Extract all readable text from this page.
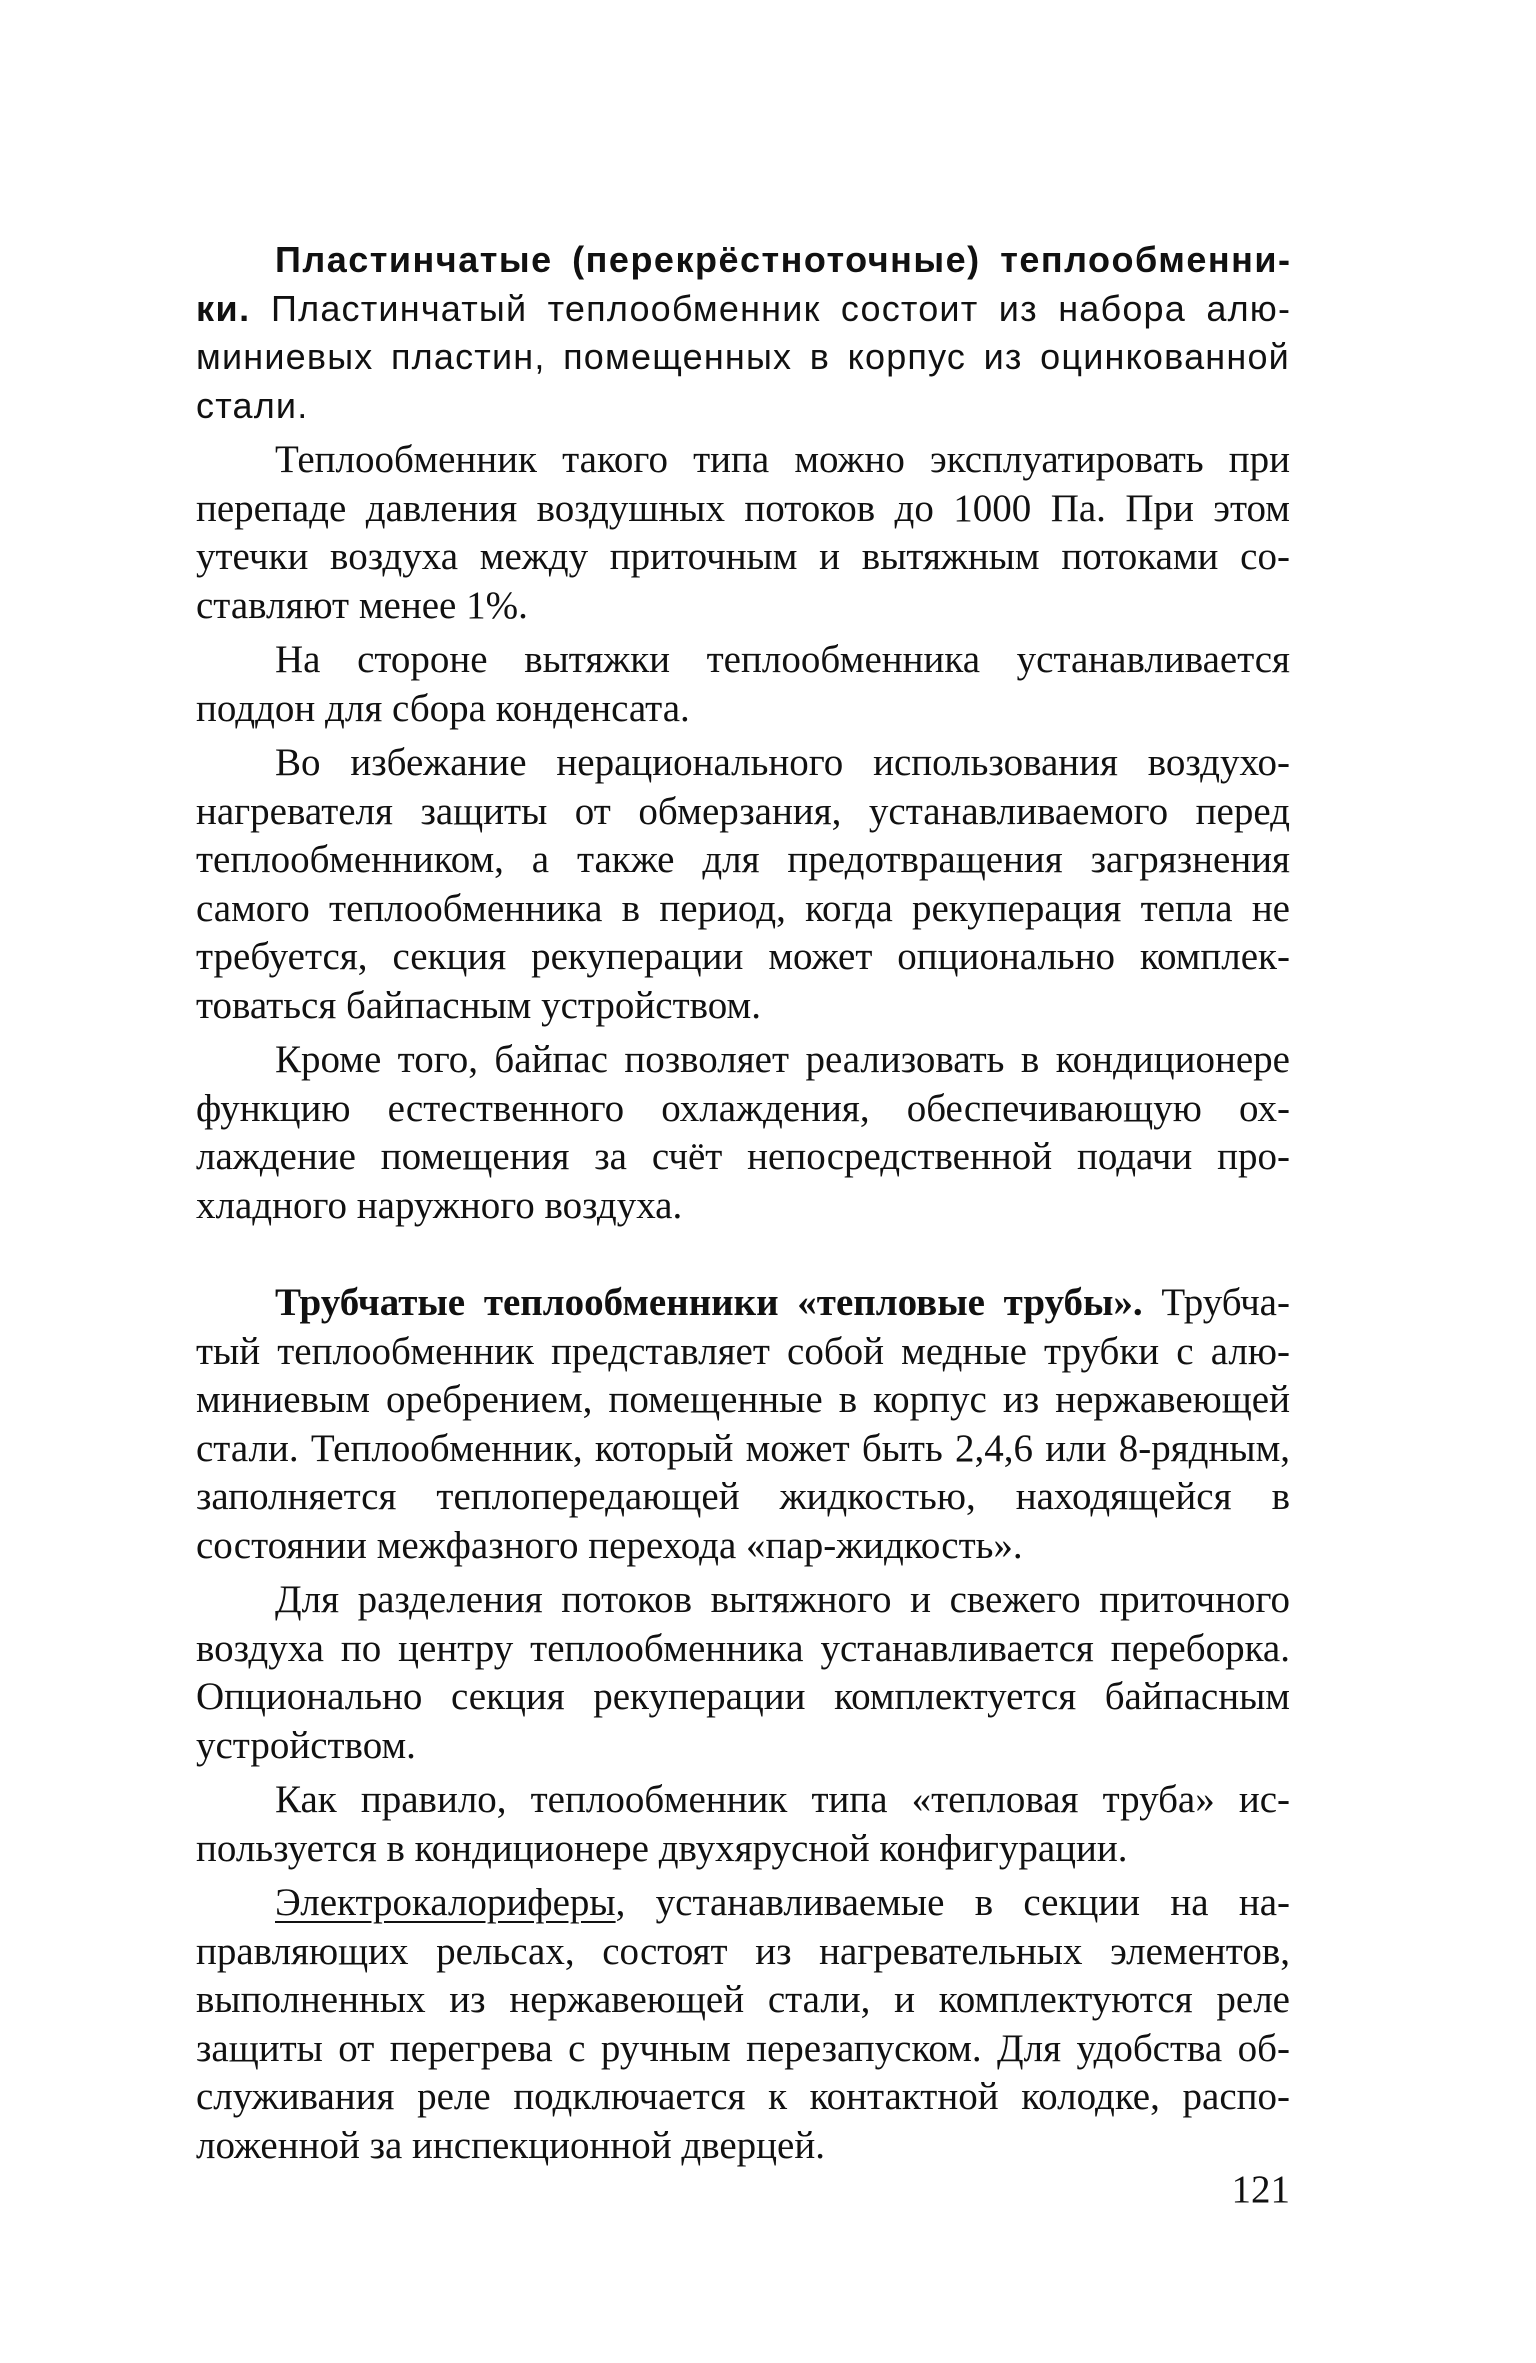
Пластинчатые (перекрёстноточные) теплообменники. Пластинчатый теплообменник состоит из набора алюминиевых пластин, помещенных в корпус из оцинкованной стали.

Теплообменник такого типа можно эксплуатировать при перепаде давления воздушных потоков до 1000 Па. При этом утечки воздуха между приточным и вытяжным потоками составляют менее 1%.

На стороне вытяжки теплообменника устанавливается поддон для сбора конденсата.

Во избежание нерационального использования воздухонагревателя защиты от обмерзания, устанавливаемого перед теплообменником, а также для предотвращения загрязнения самого теплообменника в период, когда рекуперация тепла не требуется, секция рекуперации может опционально комплектоваться байпасным устройством.

Кроме того, байпас позволяет реализовать в кондиционере функцию естественного охлаждения, обеспечивающую охлаждение помещения за счёт непосредственной подачи прохладного наружного воздуха.

Трубчатые теплообменники «тепловые трубы». Трубчатый теплообменник представляет собой медные трубки с алюминиевым оребрением, помещенные в корпус из нержавеющей стали. Теплообменник, который может быть 2,4,6 или 8-рядным, заполняется теплопередающей жидкостью, находящейся в состоянии межфазного перехода «пар-жидкость».

Для разделения потоков вытяжного и свежего приточного воздуха по центру теплообменника устанавливается переборка. Опционально секция рекуперации комплектуется байпасным устройством.

Как правило, теплообменник типа «тепловая труба» используется в кондиционере двухярусной конфигурации.

Электрокалориферы, устанавливаемые в секции на направляющих рельсах, состоят из нагревательных элементов, выполненных из нержавеющей стали, и комплектуются реле защиты от перегрева с ручным перезапуском. Для удобства обслуживания реле подключается к контактной колодке, расположенной за инспекционной дверцей.

121
